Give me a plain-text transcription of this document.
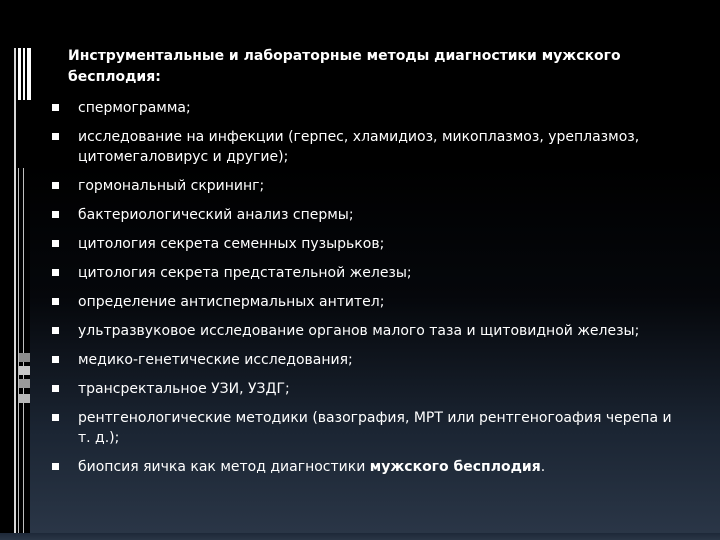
Инструментальные и лабораторные методы диагностики мужского
бесплодия:
спермограмма;
исследование на инфекции (герпес, хламидиоз, микоплазмоз, уреплазмоз, цитомегаловирус и другие);
гормональный скрининг;
бактериологический анализ спермы;
цитология секрета семенных пузырьков;
цитология секрета предстательной железы;
определение антиспермальных антител;
ультразвуковое исследование органов малого таза и щитовидной железы;
медико-генетические исследования;
трансректальное УЗИ, УЗДГ;
рентгенологические методики (вазография, МРТ или рентгеногоафия черепа и т. д.);
биопсия яичка как метод диагностики мужского бесплодия.
